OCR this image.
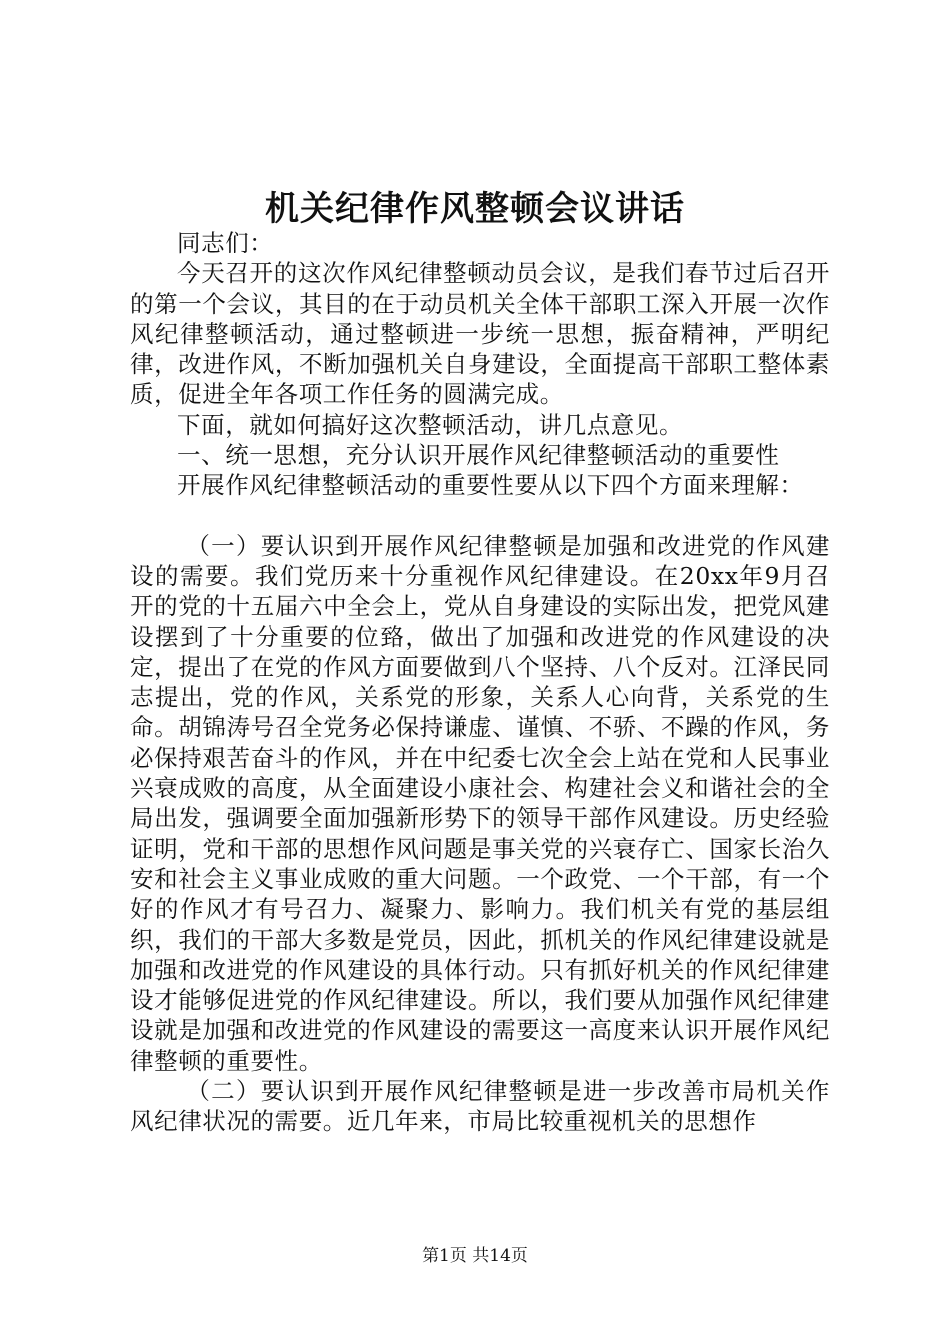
机关纪律作风整顿会议讲话

同志们：

今天召开的这次作风纪律整顿动员会议，是我们春节过后召开的第一个会议，其目的在于动员机关全体干部职工深入开展一次作风纪律整顿活动，通过整顿进一步统一思想，振奋精神，严明纪律，改进作风，不断加强机关自身建设，全面提高干部职工整体素质，促进全年各项工作任务的圆满完成。

下面，就如何搞好这次整顿活动，讲几点意见。

一、统一思想，充分认识开展作风纪律整顿活动的重要性

开展作风纪律整顿活动的重要性要从以下四个方面来理解：

（一）要认识到开展作风纪律整顿是加强和改进党的作风建设的需要。我们党历来十分重视作风纪律建设。在20xx年9月召开的党的十五届六中全会上，党从自身建设的实际出发，把党风建设摆到了十分重要的位臵，做出了加强和改进党的作风建设的决定，提出了在党的作风方面要做到八个坚持、八个反对。江泽民同志提出，党的作风，关系党的形象，关系人心向背，关系党的生命。胡锦涛号召全党务必保持谦虚、谨慎、不骄、不躁的作风，务必保持艰苦奋斗的作风，并在中纪委七次全会上站在党和人民事业兴衰成败的高度，从全面建设小康社会、构建社会义和谐社会的全局出发，强调要全面加强新形势下的领导干部作风建设。历史经验证明，党和干部的思想作风问题是事关党的兴衰存亡、国家长治久安和社会主义事业成败的重大问题。一个政党、一个干部，有一个好的作风才有号召力、凝聚力、影响力。我们机关有党的基层组织，我们的干部大多数是党员，因此，抓机关的作风纪律建设就是加强和改进党的作风建设的具体行动。只有抓好机关的作风纪律建设才能够促进党的作风纪律建设。所以，我们要从加强作风纪律建设就是加强和改进党的作风建设的需要这一高度来认识开展作风纪律整顿的重要性。

（二）要认识到开展作风纪律整顿是进一步改善市局机关作风纪律状况的需要。近几年来，市局比较重视机关的思想作

第1页 共14页
